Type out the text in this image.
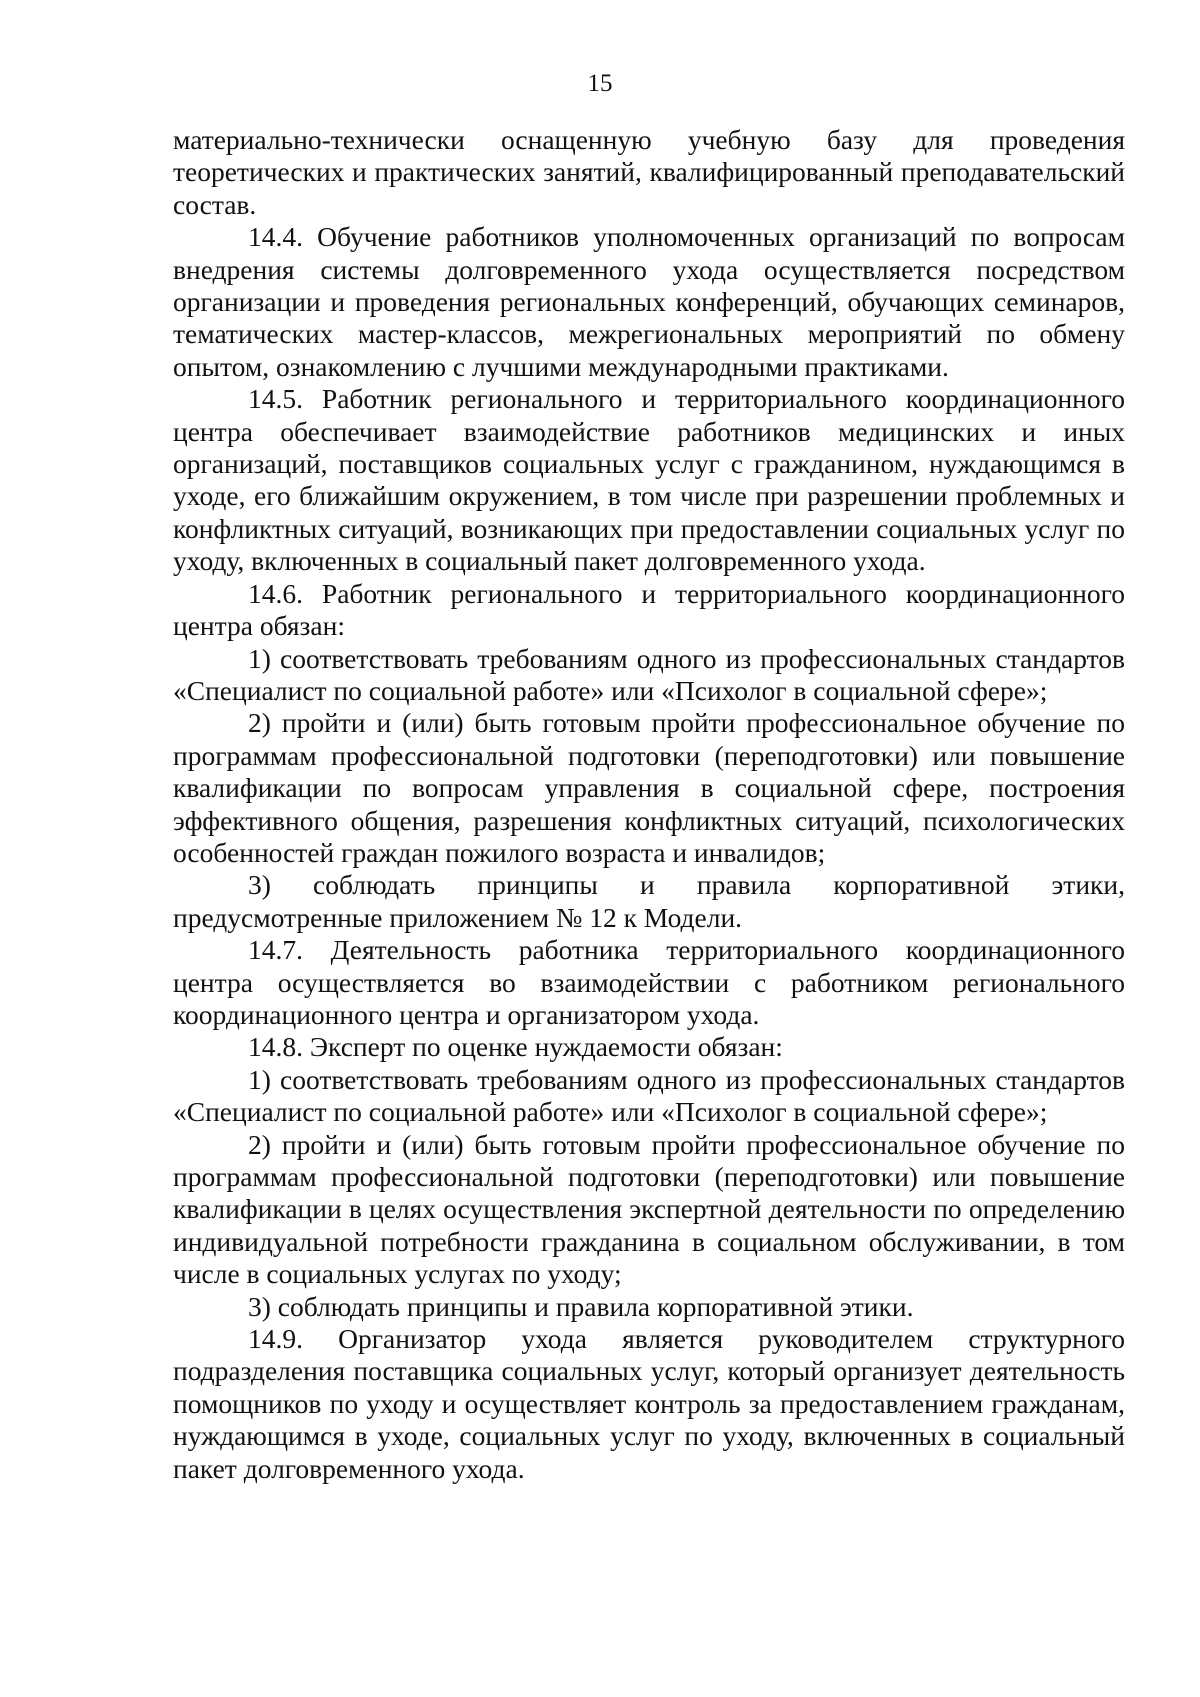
15

материально-технически оснащенную учебную базу для проведения теоретических и практических занятий, квалифицированный преподавательский состав.

14.4. Обучение работников уполномоченных организаций по вопросам внедрения системы долговременного ухода осуществляется посредством организации и проведения региональных конференций, обучающих семинаров, тематических мастер-классов, межрегиональных мероприятий по обмену опытом, ознакомлению с лучшими международными практиками.

14.5. Работник регионального и территориального координационного центра обеспечивает взаимодействие работников медицинских и иных организаций, поставщиков социальных услуг с гражданином, нуждающимся в уходе, его ближайшим окружением, в том числе при разрешении проблемных и конфликтных ситуаций, возникающих при предоставлении социальных услуг по уходу, включенных в социальный пакет долговременного ухода.

14.6. Работник регионального и территориального координационного центра обязан:

1) соответствовать требованиям одного из профессиональных стандартов «Специалист по социальной работе» или «Психолог в социальной сфере»;

2) пройти и (или) быть готовым пройти профессиональное обучение по программам профессиональной подготовки (переподготовки) или повышение квалификации по вопросам управления в социальной сфере, построения эффективного общения, разрешения конфликтных ситуаций, психологических особенностей граждан пожилого возраста и инвалидов;

3) соблюдать принципы и правила корпоративной этики, предусмотренные приложением № 12 к Модели.

14.7. Деятельность работника территориального координационного центра осуществляется во взаимодействии с работником регионального координационного центра и организатором ухода.

14.8. Эксперт по оценке нуждаемости обязан:

1) соответствовать требованиям одного из профессиональных стандартов «Специалист по социальной работе» или «Психолог в социальной сфере»;

2) пройти и (или) быть готовым пройти профессиональное обучение по программам профессиональной подготовки (переподготовки) или повышение квалификации в целях осуществления экспертной деятельности по определению индивидуальной потребности гражданина в социальном обслуживании, в том числе в социальных услугах по уходу;

3) соблюдать принципы и правила корпоративной этики.

14.9. Организатор ухода является руководителем структурного подразделения поставщика социальных услуг, который организует деятельность помощников по уходу и осуществляет контроль за предоставлением гражданам, нуждающимся в уходе, социальных услуг по уходу, включенных в социальный пакет долговременного ухода.
